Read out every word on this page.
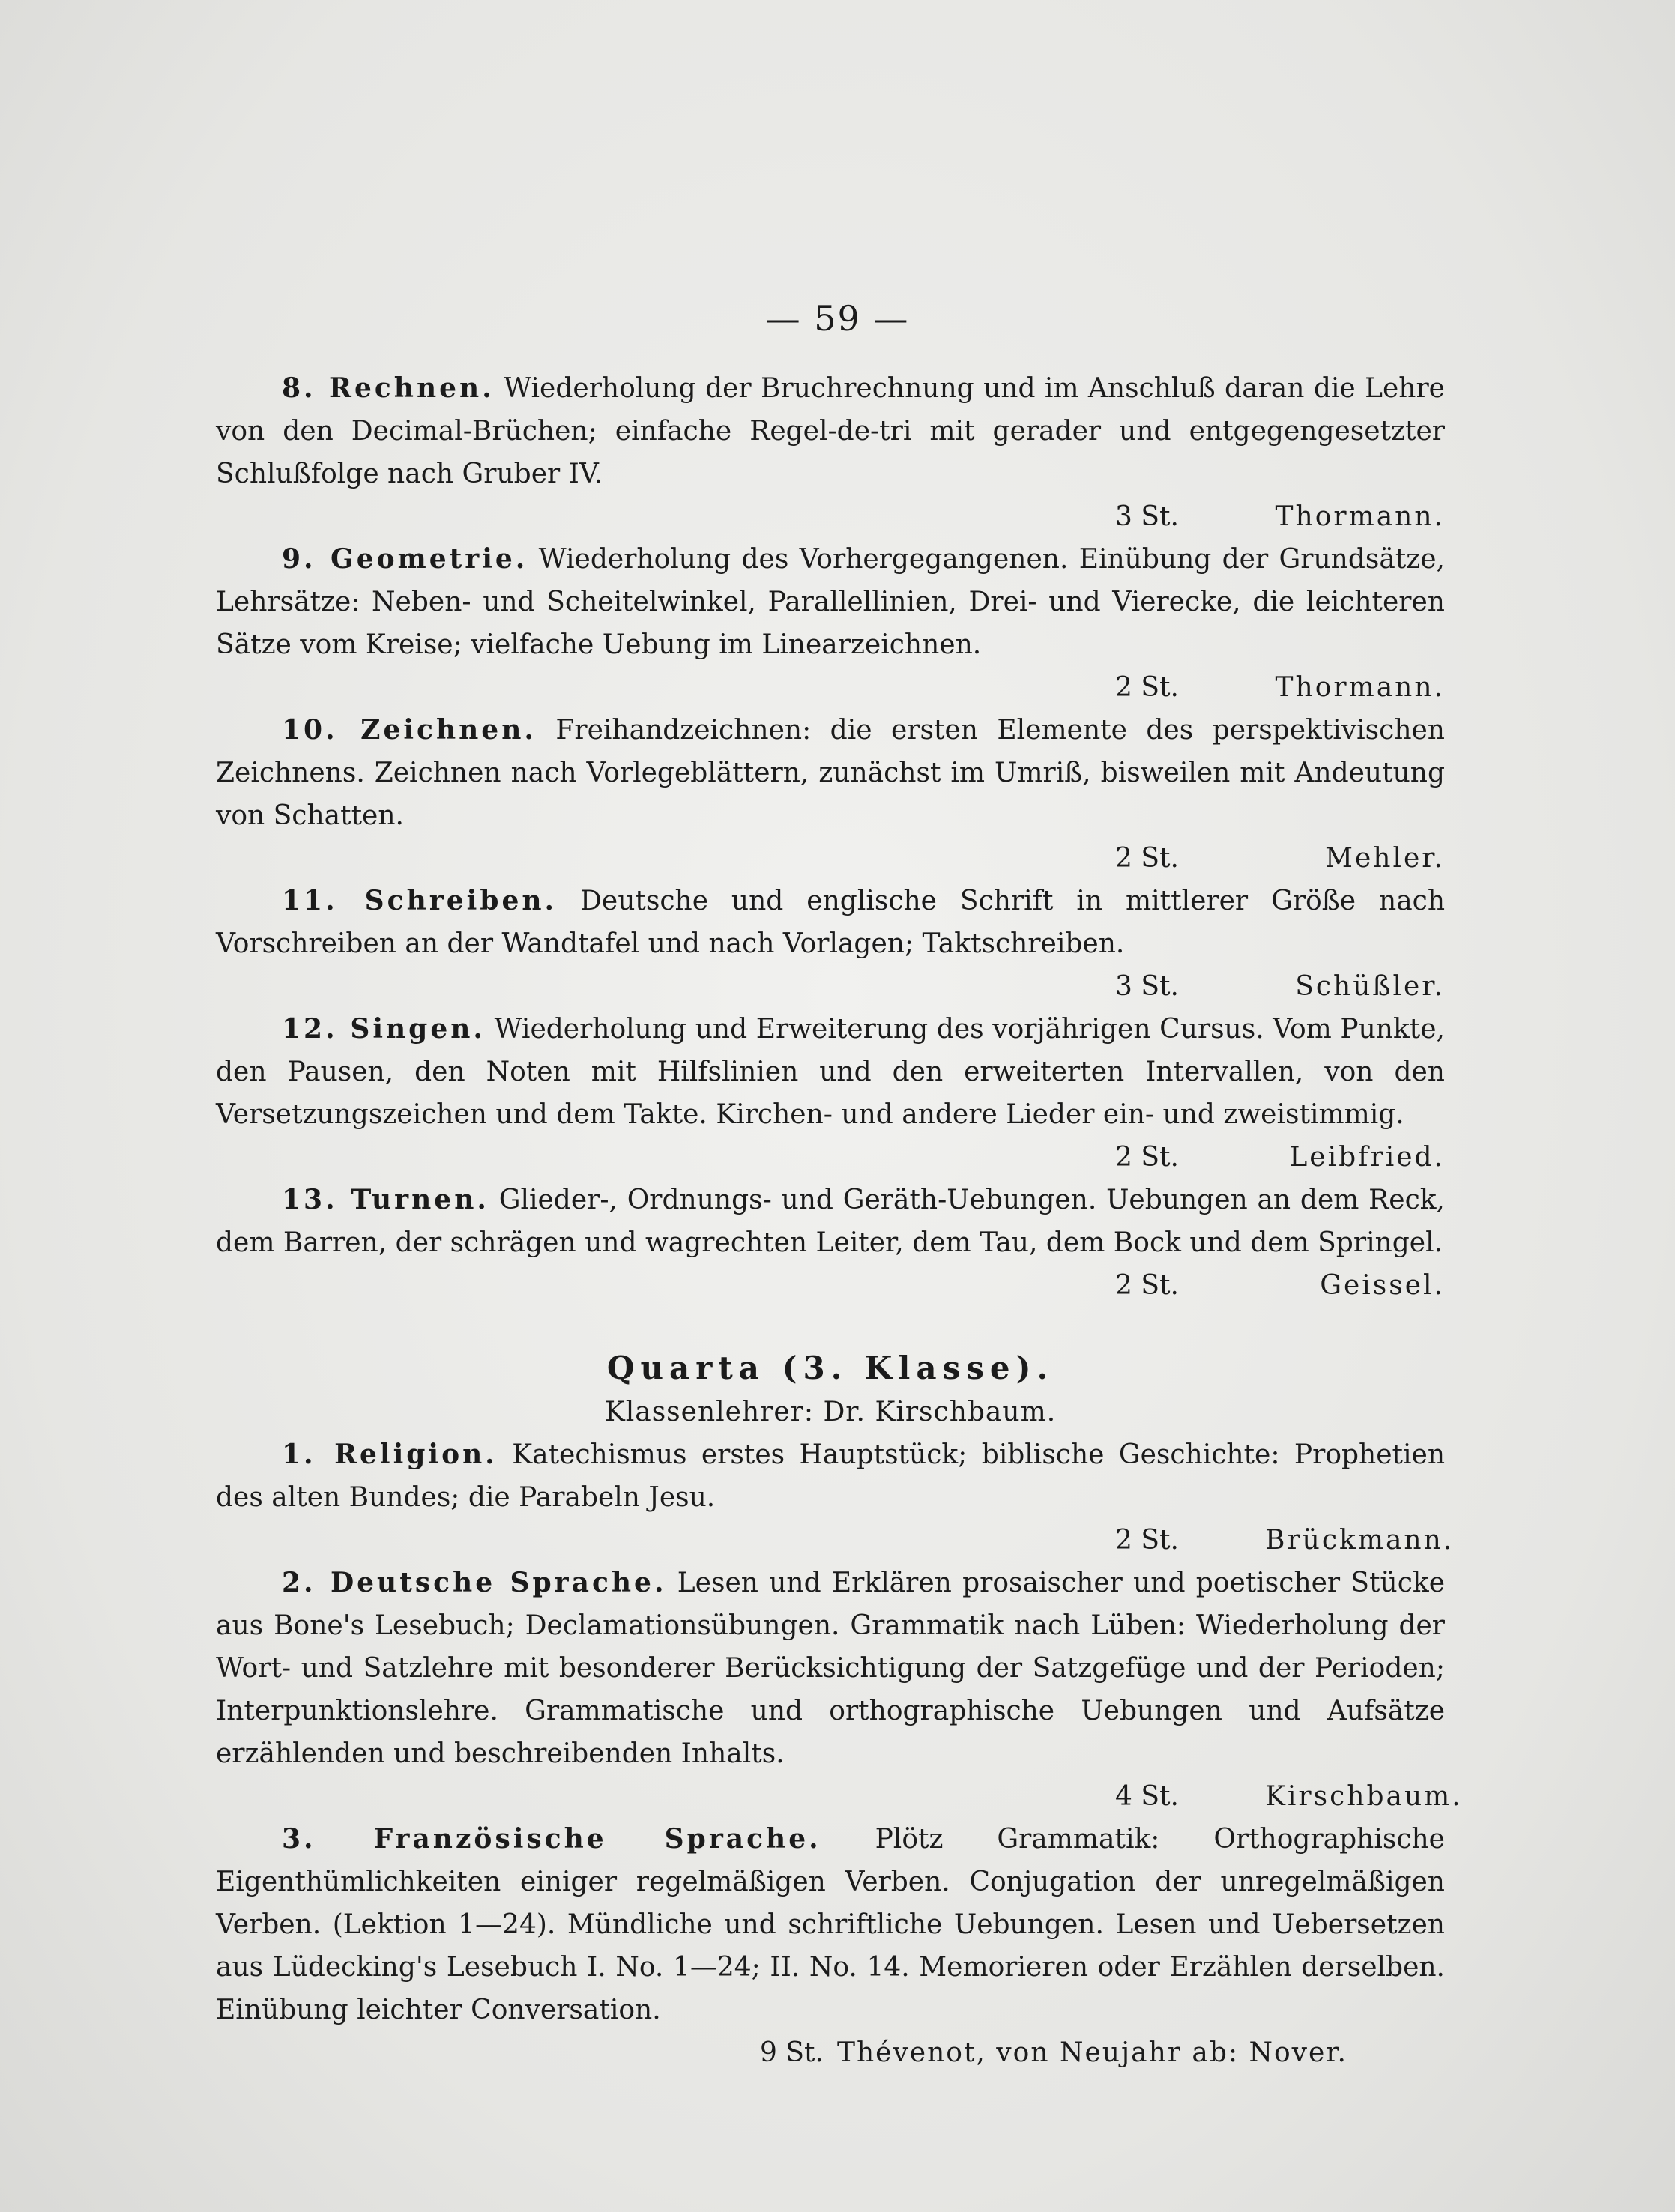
— 59 —

8. Rechnen. Wiederholung der Bruchrechnung und im Anschluß daran die Lehre von den Decimal-Brüchen; einfache Regel-de-tri mit gerader und entgegengesetzter Schlußfolge nach Gruber IV.

3 St.	Thormann.

9. Geometrie. Wiederholung des Vorhergegangenen. Einübung der Grundsätze, Lehrsätze: Neben- und Scheitelwinkel, Parallellinien, Drei- und Vierecke, die leichteren Sätze vom Kreise; vielfache Uebung im Linearzeichnen.

2 St.	Thormann.

10. Zeichnen. Freihandzeichnen: die ersten Elemente des perspektivischen Zeichnens. Zeichnen nach Vorlegeblättern, zunächst im Umriß, bisweilen mit Andeutung von Schatten.

2 St.	Mehler.

11. Schreiben. Deutsche und englische Schrift in mittlerer Größe nach Vorschreiben an der Wandtafel und nach Vorlagen; Taktschreiben.

3 St.	Schüßler.

12. Singen. Wiederholung und Erweiterung des vorjährigen Cursus. Vom Punkte, den Pausen, den Noten mit Hilfslinien und den erweiterten Intervallen, von den Versetzungszeichen und dem Takte. Kirchen- und andere Lieder ein- und zweistimmig.

2 St.	Leibfried.

13. Turnen. Glieder-, Ordnungs- und Geräth-Uebungen. Uebungen an dem Reck, dem Barren, der schrägen und wagrechten Leiter, dem Tau, dem Bock und dem Springel.

2 St.	Geissel.
Quarta (3. Klasse).
Klassenlehrer: Dr. Kirschbaum.

1. Religion. Katechismus erstes Hauptstück; biblische Geschichte: Prophetien des alten Bundes; die Parabeln Jesu.

2 St.	Brückmann.

2. Deutsche Sprache. Lesen und Erklären prosaischer und poetischer Stücke aus Bone's Lesebuch; Declamationsübungen. Grammatik nach Lüben: Wiederholung der Wort- und Satzlehre mit besonderer Berücksichtigung der Satzgefüge und der Perioden; Interpunktionslehre. Grammatische und orthographische Uebungen und Aufsätze erzählenden und beschreibenden Inhalts.

4 St.	Kirschbaum.

3. Französische Sprache. Plötz Grammatik: Orthographische Eigenthümlichkeiten einiger regelmäßigen Verben. Conjugation der unregelmäßigen Verben. (Lektion 1—24). Mündliche und schriftliche Uebungen. Lesen und Uebersetzen aus Lüdecking's Lesebuch I. No. 1—24; II. No. 14. Memorieren oder Erzählen derselben. Einübung leichter Conversation.

9 St. Thévenot, von Neujahr ab: Nover.
